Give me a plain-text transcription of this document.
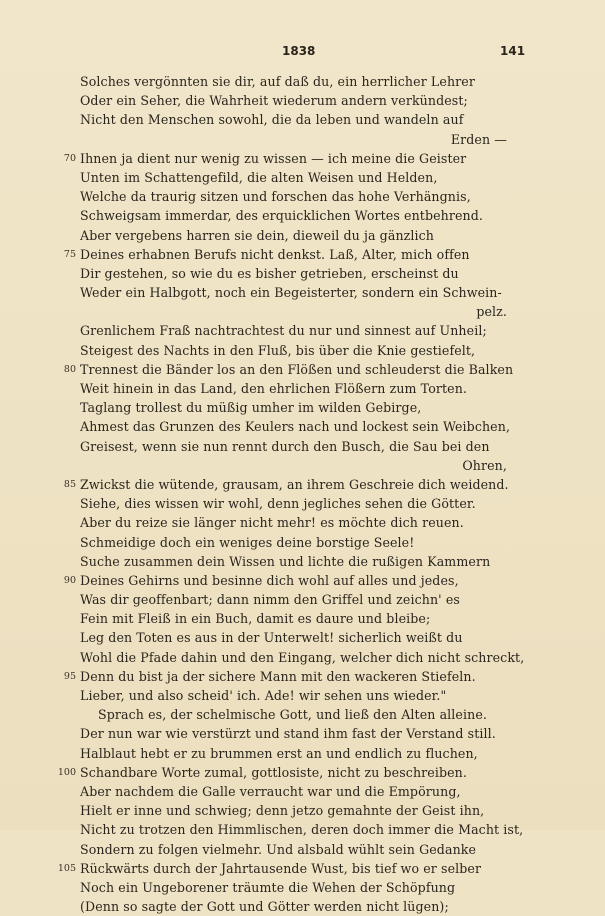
1838	141
Solches vergönnten sie dir, auf daß du, ein herrlicher Lehrer
Oder ein Seher, die Wahrheit wiederum andern verkündest;
Nicht den Menschen sowohl, die da leben und wandeln auf
Erden —
70 Ihnen ja dient nur wenig zu wissen — ich meine die Geister
Unten im Schattengefild, die alten Weisen und Helden,
Welche da traurig sitzen und forschen das hohe Verhängnis,
Schweigsam immerdar, des erquicklichen Wortes entbehrend.
Aber vergebens harren sie dein, dieweil du ja gänzlich
75 Deines erhabnen Berufs nicht denkst. Laß, Alter, mich offen
Dir gestehen, so wie du es bisher getrieben, erscheinst du
Weder ein Halbgott, noch ein Begeisterter, sondern ein Schwein-
pelz.
Grenlichem Fraß nachtrachtest du nur und sinnest auf Unheil;
Steigest des Nachts in den Fluß, bis über die Knie gestiefelt,
80 Trennest die Bänder los an den Flößen und schleuderst die Balken
Weit hinein in das Land, den ehrlichen Flößern zum Torten.
Taglang trollest du müßig umher im wilden Gebirge,
Ahmest das Grunzen des Keulers nach und lockest sein Weibchen,
Greisest, wenn sie nun rennt durch den Busch, die Sau bei den
Ohren,
85 Zwickst die wütende, grausam, an ihrem Geschreie dich weidend.
Siehe, dies wissen wir wohl, denn jegliches sehen die Götter.
Aber du reize sie länger nicht mehr! es möchte dich reuen.
Schmeidige doch ein weniges deine borstige Seele!
Suche zusammen dein Wissen und lichte die rußigen Kammern
90 Deines Gehirns und besinne dich wohl auf alles und jedes,
Was dir geoffenbart; dann nimm den Griffel und zeichn' es
Fein mit Fleiß in ein Buch, damit es daure und bleibe;
Leg den Toten es aus in der Unterwelt! sicherlich weißt du
Wohl die Pfade dahin und den Eingang, welcher dich nicht schreckt,
95 Denn du bist ja der sichere Mann mit den wackeren Stiefeln.
Lieber, und also scheid' ich. Ade! wir sehen uns wieder."
Sprach es, der schelmische Gott, und ließ den Alten alleine.
Der nun war wie verstürzt und stand ihm fast der Verstand still.
Halblaut hebt er zu brummen erst an und endlich zu fluchen,
100 Schandbare Worte zumal, gottlosiste, nicht zu beschreiben.
Aber nachdem die Galle verraucht war und die Empörung,
Hielt er inne und schwieg; denn jetzo gemahnte der Geist ihn,
Nicht zu trotzen den Himmlischen, deren doch immer die Macht ist,
Sondern zu folgen vielmehr. Und alsbald wühlt sein Gedanke
105 Rückwärts durch der Jahrtausende Wust, bis tief wo er selber
Noch ein Ungeborener träumte die Wehen der Schöpfung
(Denn so sagte der Gott und Götter werden nicht lügen);
